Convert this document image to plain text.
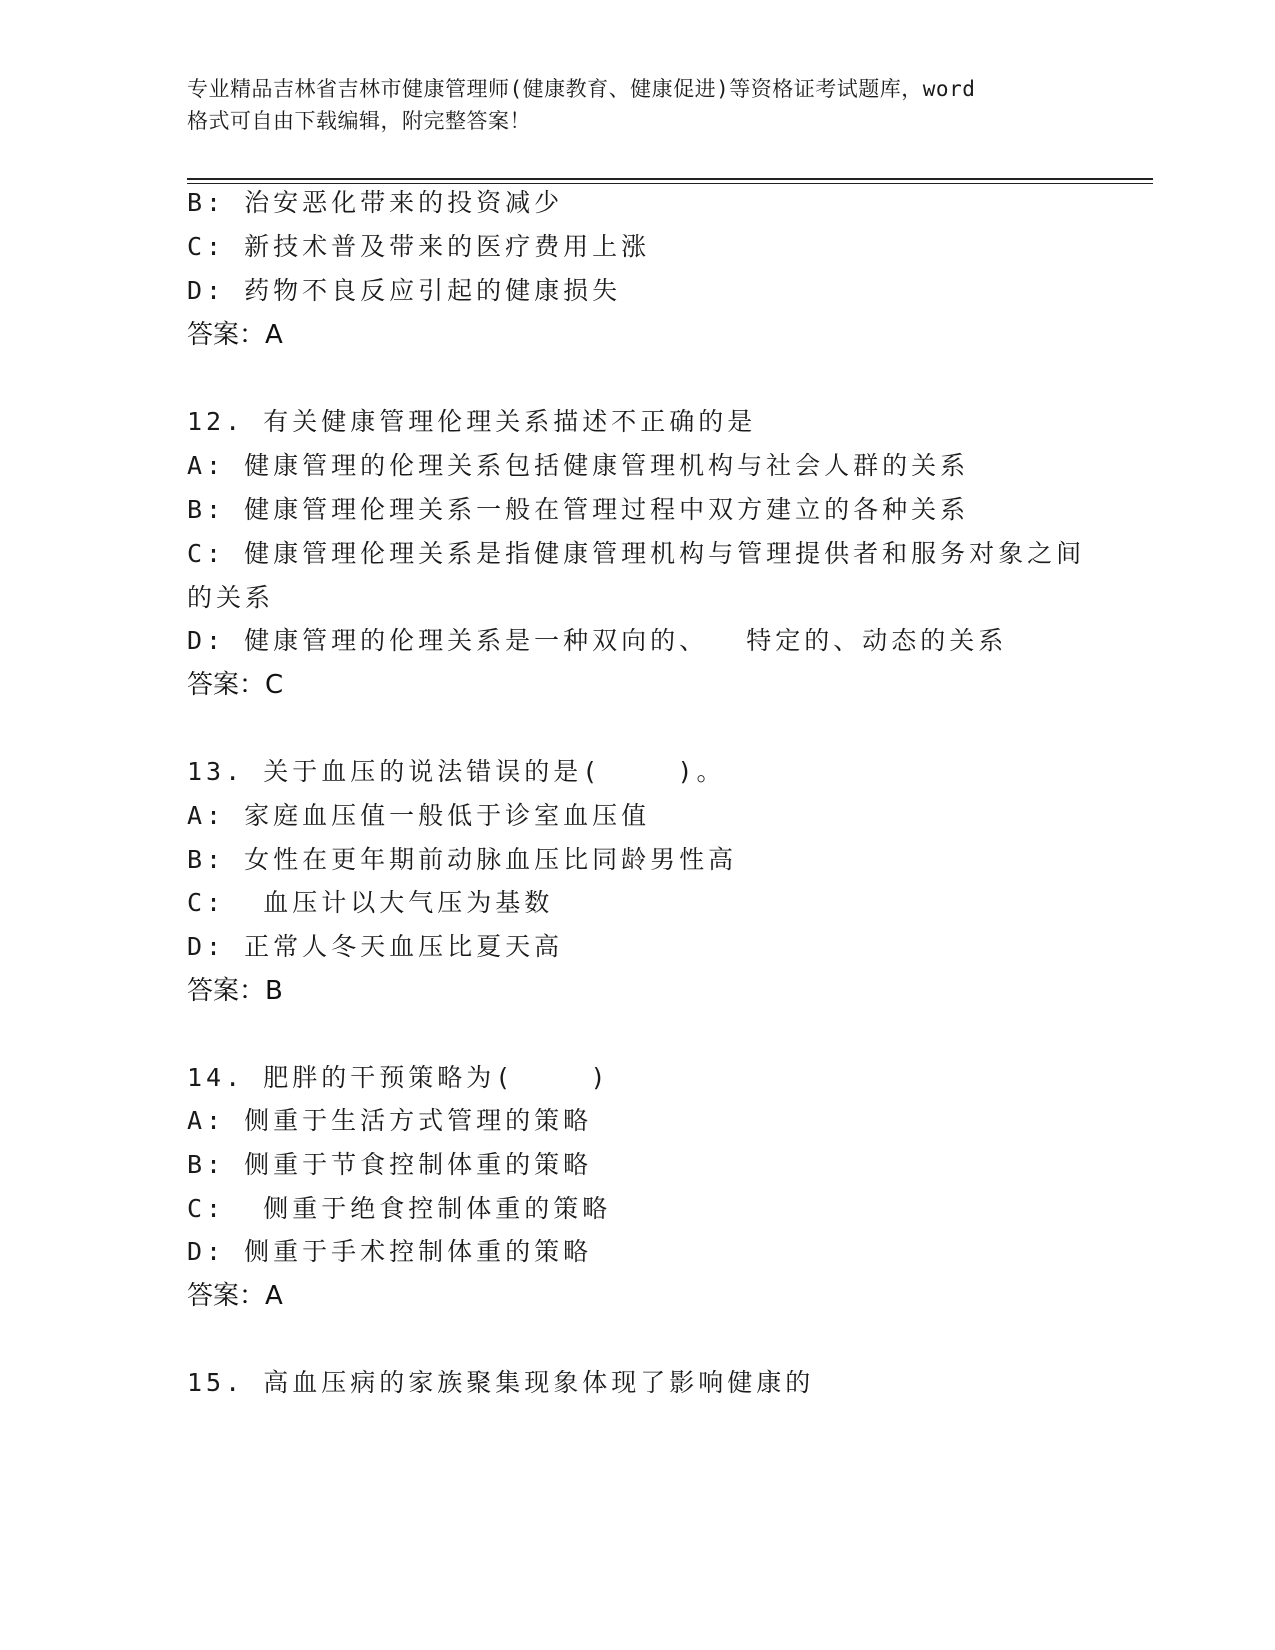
专业精品吉林省吉林市健康管理师(健康教育、健康促进)等资格证考试题库，word
格式可自由下载编辑，附完整答案！
B: 治安恶化带来的投资减少
C: 新技术普及带来的医疗费用上涨
D: 药物不良反应引起的健康损失
答案：A
12. 有关健康管理伦理关系描述不正确的是
A: 健康管理的伦理关系包括健康管理机构与社会人群的关系
B: 健康管理伦理关系一般在管理过程中双方建立的各种关系
C: 健康管理伦理关系是指健康管理机构与管理提供者和服务对象之间
的关系
D: 健康管理的伦理关系是一种双向的、  特定的、动态的关系
答案：C
13. 关于血压的说法错误的是(    )。
A: 家庭血压值一般低于诊室血压值
B: 女性在更年期前动脉血压比同龄男性高
C:  血压计以大气压为基数
D: 正常人冬天血压比夏天高
答案：B
14. 肥胖的干预策略为(    )
A: 侧重于生活方式管理的策略
B: 侧重于节食控制体重的策略
C:  侧重于绝食控制体重的策略
D: 侧重于手术控制体重的策略
答案：A
15. 高血压病的家族聚集现象体现了影响健康的
